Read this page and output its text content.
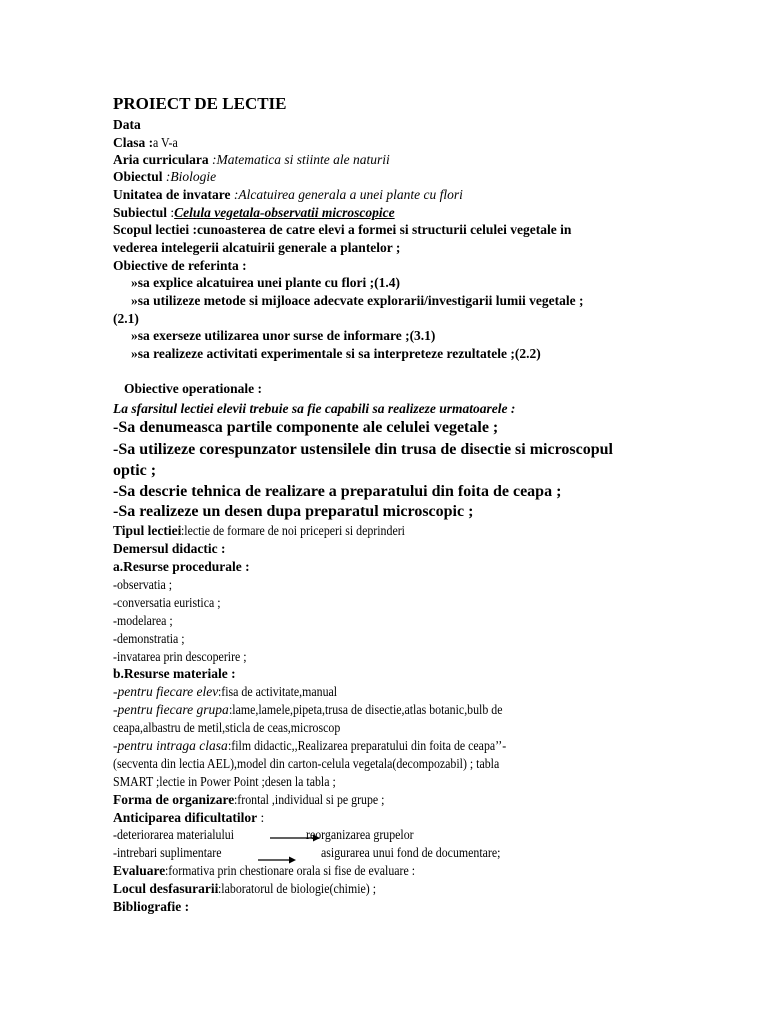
PROIECT DE LECTIE
Data
Clasa :a V-a
Aria curriculara :Matematica si stiinte ale naturii
Obiectul :Biologie
Unitatea de invatare :Alcatuirea generala a unei plante cu flori
Subiectul :Celula vegetala-observatii microscopice
Scopul lectiei :cunoasterea de catre elevi a formei si structurii celulei vegetale in
vederea intelegerii alcatuirii generale a plantelor ;
Obiective de referinta :
»sa explice alcatuirea unei plante cu flori ;(1.4)
»sa utilizeze metode si mijloace adecvate explorarii/investigarii lumii vegetale ;
(2.1)
»sa exerseze utilizarea unor surse de informare ;(3.1)
»sa realizeze activitati experimentale si sa interpreteze rezultatele ;(2.2)
Obiective operationale :
La sfarsitul lectiei elevii trebuie sa fie capabili sa realizeze urmatoarele :
-Sa denumeasca partile componente ale celulei vegetale ;
-Sa utilizeze corespunzator ustensilele din trusa de disectie si microscopul
optic ;
-Sa descrie tehnica de realizare a preparatului din foita de ceapa ;
-Sa realizeze un desen dupa preparatul microscopic ;
Tipul lectiei:lectie de formare de noi priceperi si deprinderi
Demersul didactic :
a.Resurse procedurale :
-observatia ;
-conversatia euristica ;
-modelarea ;
-demonstratia ;
-invatarea prin descoperire ;
b.Resurse materiale :
-pentru fiecare elev:fisa de activitate,manual
-pentru fiecare grupa:lame,lamele,pipeta,trusa de disectie,atlas botanic,bulb de
ceapa,albastru de metil,sticla de ceas,microscop
-pentru intraga clasa:film didactic,,Realizarea preparatului din foita de ceapa’’-
(secventa din lectia AEL),model din carton-celula vegetala(decompozabil) ; tabla
SMART ;lectie in Power Point ;desen la tabla ;
Forma de organizare:frontal ,individual si pe grupe ;
Anticiparea dificultatilor :
-deteriorarea materialului	reorganizarea grupelor
-intrebari suplimentare	asigurarea unui fond de documentare;
Evaluare:formativa prin chestionare orala si fise de evaluare :
Locul desfasurarii:laboratorul de biologie(chimie) ;
Bibliografie :
